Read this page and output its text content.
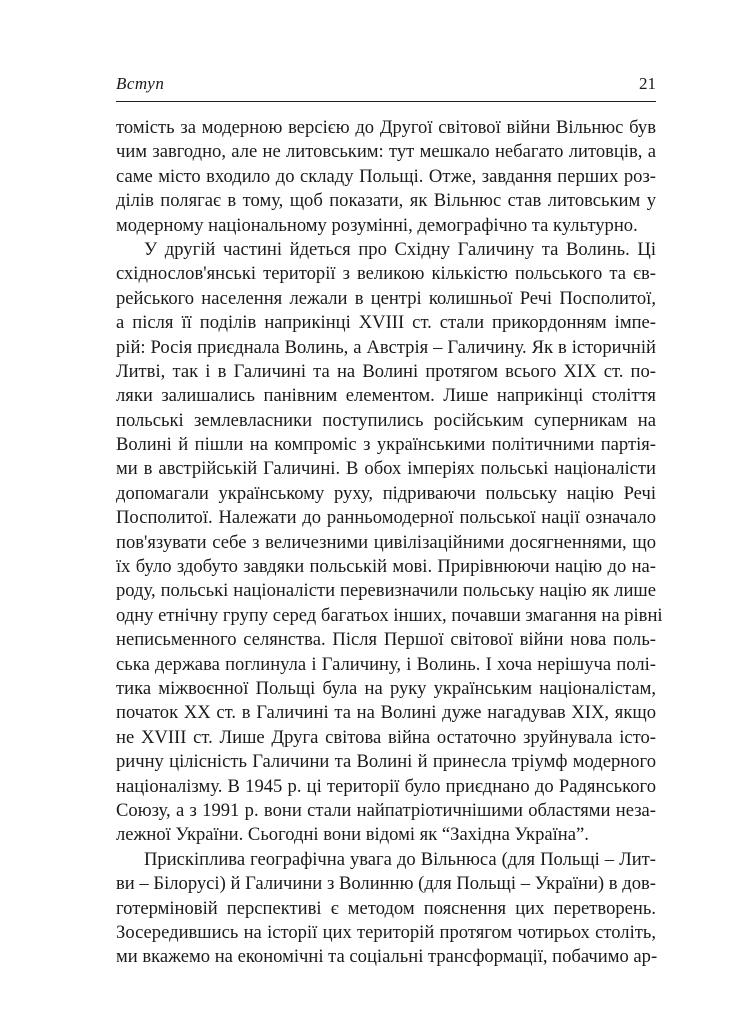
Вступ	21
томість за модерною версією до Другої світової війни Вільнюс був
чим завгодно, але не литовським: тут мешкало небагато литовців, а
саме місто входило до складу Польщі. Отже, завдання перших роз-
ділів полягає в тому, щоб показати, як Вільнюс став литовським у
модерному національному розумінні, демографічно та культурно.
У другій частині йдеться про Східну Галичину та Волинь. Ці
східнослов'янські території з великою кількістю польського та єв-
рейського населення лежали в центрі колишньої Речі Посполитої,
а після її поділів наприкінці XVIII ст. стали прикордонням імпе-
рій: Росія приєднала Волинь, а Австрія – Галичину. Як в історичній
Литві, так і в Галичині та на Волині протягом всього XIX ст. по-
ляки залишались панівним елементом. Лише наприкінці століття
польські землевласники поступились російським суперникам на
Волині й пішли на компроміс з українськими політичними партія-
ми в австрійській Галичині. В обох імперіях польські націоналісти
допомагали українському руху, підриваючи польську націю Речі
Посполитої. Належати до ранньомодерної польської нації означало
пов'язувати себе з величезними цивілізаційними досягненнями, що
їх було здобуто завдяки польській мові. Прирівнюючи націю до на-
роду, польські націоналісти перевизначили польську націю як лише
одну етнічну групу серед багатьох інших, почавши змагання на рівні
неписьменного селянства. Після Першої світової війни нова поль-
ська держава поглинула і Галичину, і Волинь. І хоча нерішуча полі-
тика міжвоєнної Польщі була на руку українським націоналістам,
початок XX ст. в Галичині та на Волині дуже нагадував XIX, якщо
не XVIII ст. Лише Друга світова війна остаточно зруйнувала істо-
ричну цілісність Галичини та Волині й принесла тріумф модерного
націоналізму. В 1945 р. ці території було приєднано до Радянського
Союзу, а з 1991 р. вони стали найпатріотичнішими областями неза-
лежної України. Сьогодні вони відомі як “Західна Україна”.
Прискіплива географічна увага до Вільнюса (для Польщі – Лит-
ви – Білорусі) й Галичини з Волинню (для Польщі – України) в дов-
готерміновій перспективі є методом пояснення цих перетворень.
Зосередившись на історії цих територій протягом чотирьох століть,
ми вкажемо на економічні та соціальні трансформації, побачимо ар-
